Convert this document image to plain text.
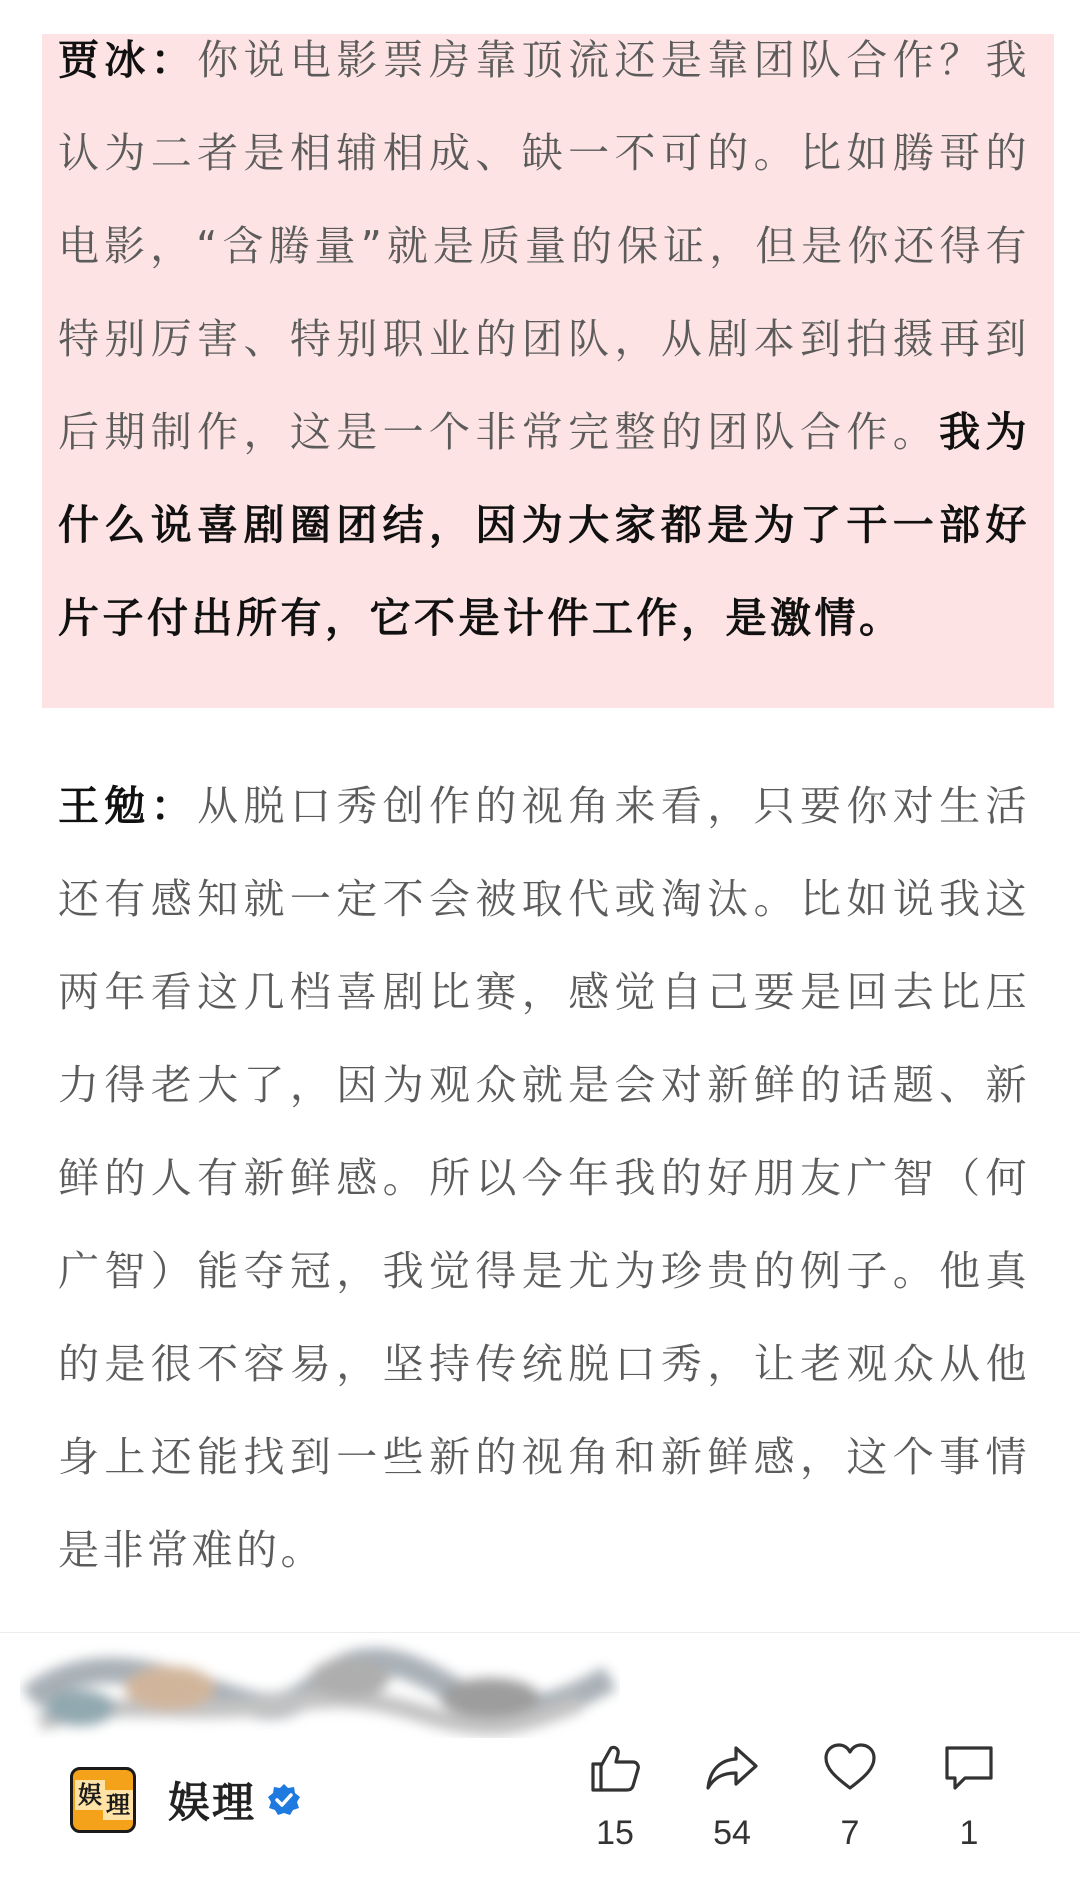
贾冰：你说电影票房靠顶流还是靠团队合作？我认为二者是相辅相成、缺一不可的。比如腾哥的电影，“含腾量”就是质量的保证，但是你还得有特别厉害、特别职业的团队，从剧本到拍摄再到后期制作，这是一个非常完整的团队合作。我为什么说喜剧圈团结，因为大家都是为了干一部好片子付出所有，它不是计件工作，是激情。

王勉：从脱口秀创作的视角来看，只要你对生活还有感知就一定不会被取代或淘汰。比如说我这两年看这几档喜剧比赛，感觉自己要是回去比压力得老大了，因为观众就是会对新鲜的话题、新鲜的人有新鲜感。所以今年我的好朋友广智（何广智）能夺冠，我觉得是尤为珍贵的例子。他真的是很不容易，坚持传统脱口秀，让老观众从他身上还能找到一些新的视角和新鲜感，这个事情是非常难的。

娱 理 娱理
15	54	7	1
